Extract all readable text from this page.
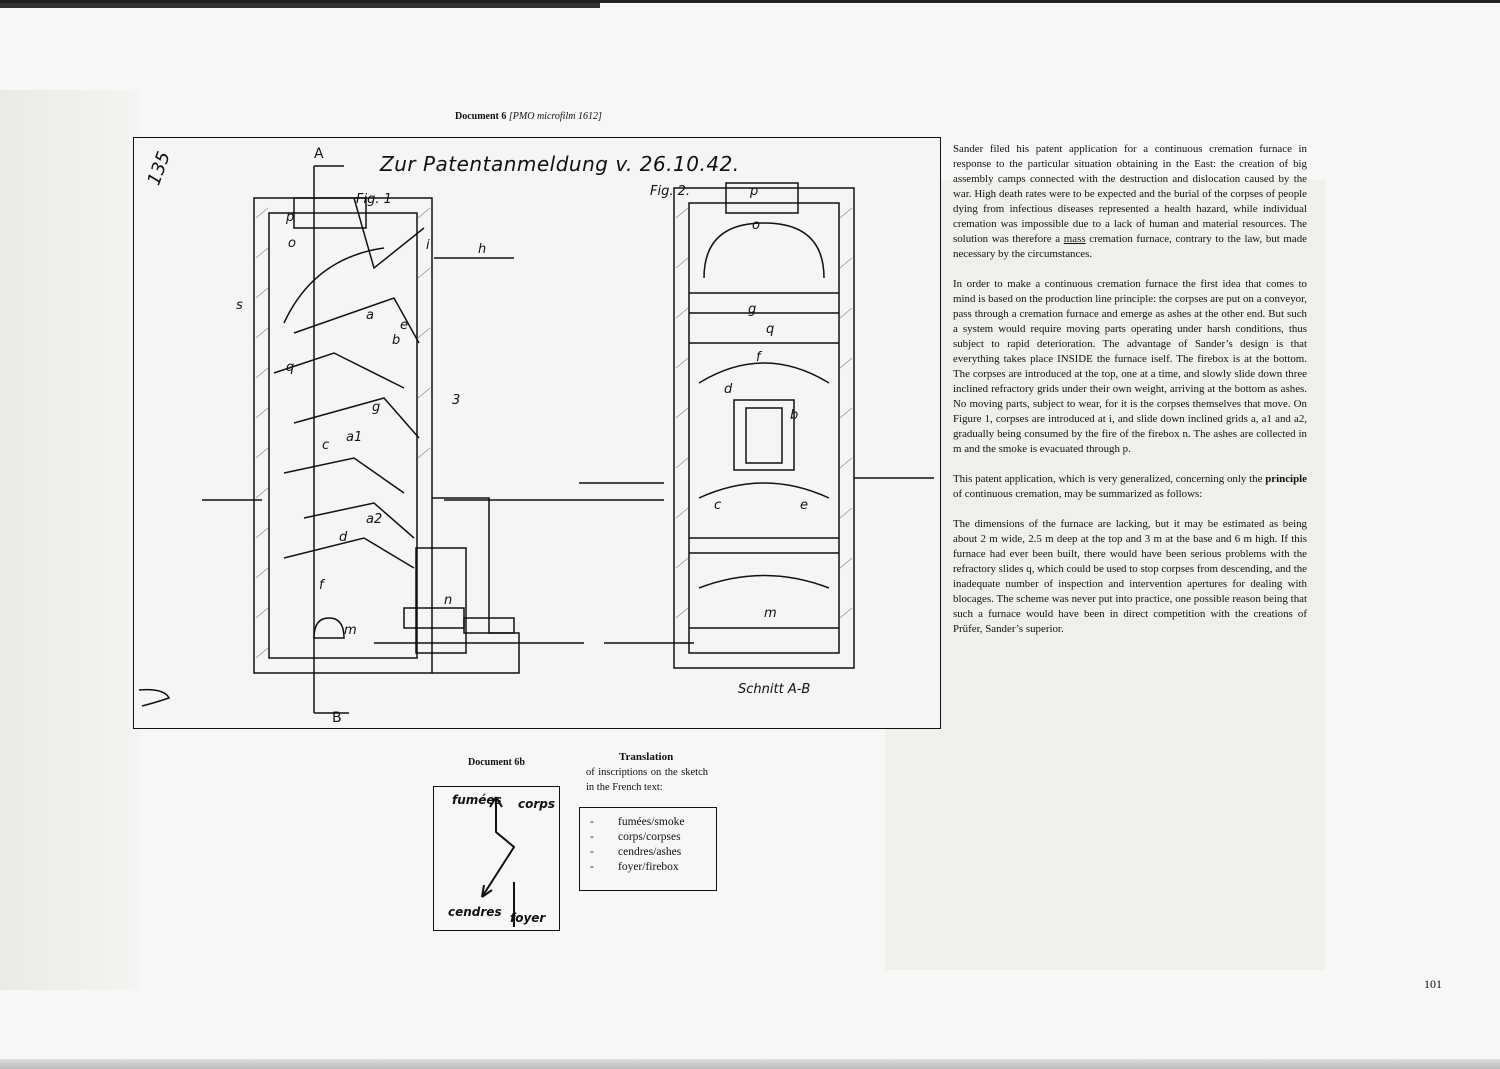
Document 6 [PMO microfilm 1612]
135	Zur Patentanmeldung v. 26.10.42.
Fig. 1
Fig. 2.
A
B
Schnitt A-B
p
o	i	h
a
b
e
g
q
c
a1
a2
f
n
m
d
s
3
p
o
g
q
f
d
b
c	e
m
Document 6b
fumées corps
cendres foyer
Translation
of inscriptions on the sketch in the French text:
- fumées/smoke
- corps/corpses
- cendres/ashes
- foyer/firebox

Sander filed his patent application for a continuous cremation furnace in response to the particular situation obtaining in the East: the creation of big assembly camps connected with the destruction and dislocation caused by the war. High death rates were to be expected and the burial of the corpses of people dying from infectious diseases represented a health hazard, while individual cremation was impossible due to a lack of human and material resources. The solution was therefore a mass cremation furnace, contrary to the law, but made necessary by the circumstances.

In order to make a continuous cremation furnace the first idea that comes to mind is based on the production line principle: the corpses are put on a conveyor, pass through a cremation furnace and emerge as ashes at the other end. But such a system would require moving parts operating under harsh conditions, thus subject to rapid deterioration. The advantage of Sander’s design is that everything takes place INSIDE the furnace iself. The firebox is at the bottom. The corpses are introduced at the top, one at a time, and slowly slide down three inclined refractory grids under their own weight, arriving at the bottom as ashes. No moving parts, subject to wear, for it is the corpses themselves that move. On Figure 1, corpses are introduced at i, and slide down inclined grids a, a1 and a2, gradually being consumed by the fire of the firebox n. The ashes are collected in m and the smoke is evacuated through p.

This patent application, which is very generalized, concerning only the principle of continuous cremation, may be summarized as follows:

The dimensions of the furnace are lacking, but it may be estimated as being about 2 m wide, 2.5 m deep at the top and 3 m at the base and 6 m high. If this furnace had ever been built, there would have been serious problems with the refractory slides q, which could be used to stop corpses from descending, and the inadequate number of inspection and intervention apertures for dealing with blocages. The scheme was never put into practice, one possible reason being that such a furnace would have been in direct competition with the creations of Prüfer, Sander’s superior.

101
